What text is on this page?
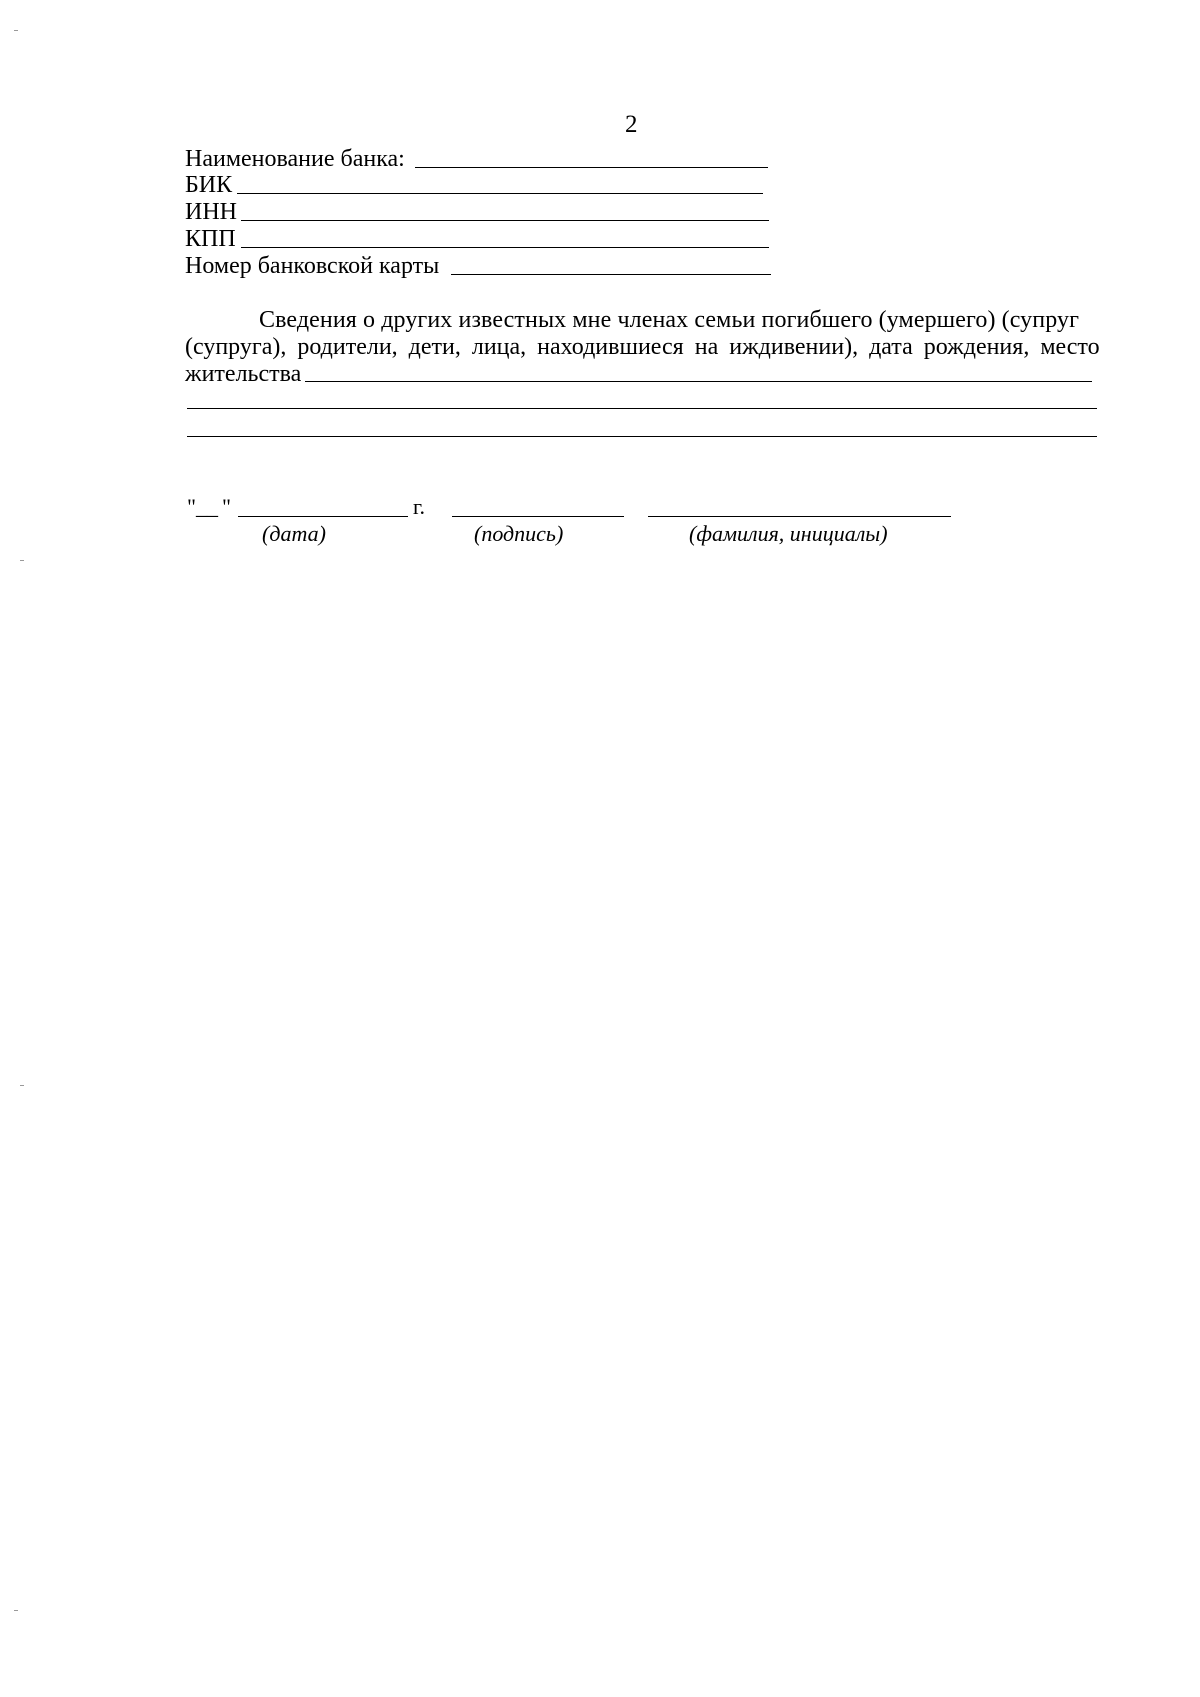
2
Наименование банка:
БИК
ИНН
КПП
Номер банковской карты
Сведения о других известных мне членах семьи погибшего (умершего) (супруг
(супруга), родители, дети, лица, находившиеся на иждивении), дата рождения, место
жительства
" __ "	г.
(дата)	(подпись)	(фамилия, инициалы)
